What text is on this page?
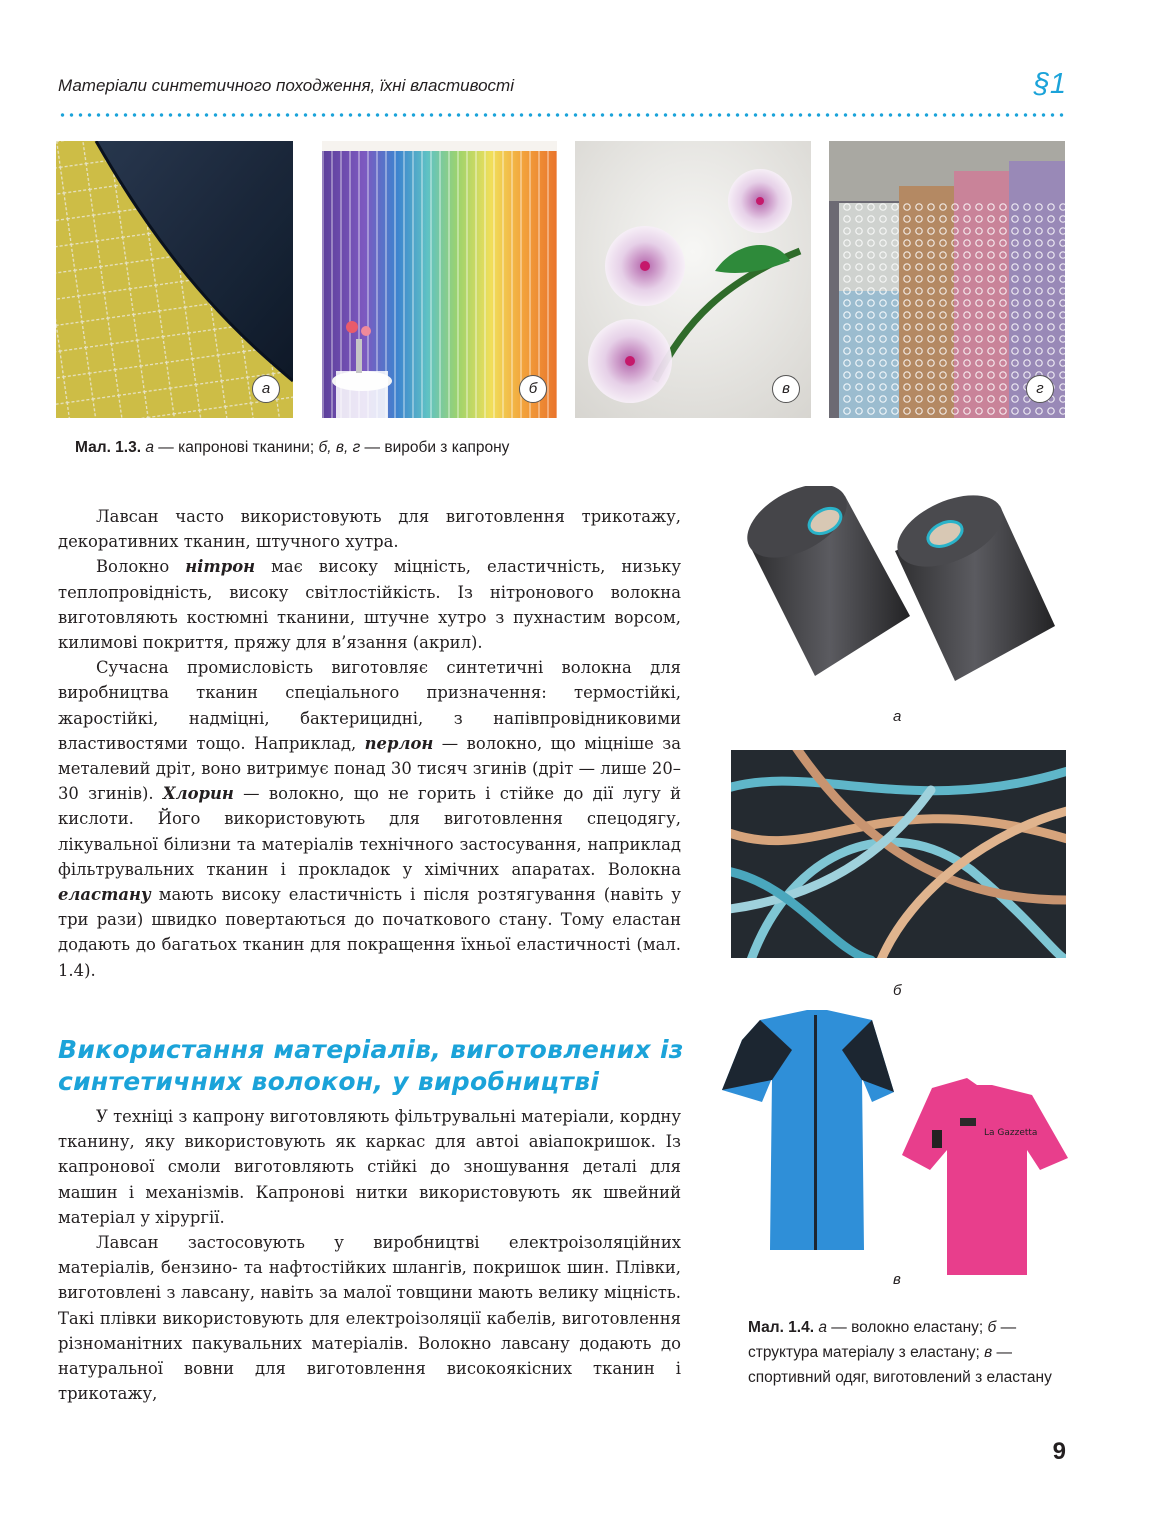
Матеріали синтетичного походження, їхні властивості	§1
а	б	в	г
Мал. 1.3. а — капронові тканини; б, в, г — вироби з капрону

Лавсан часто використовують для виготовлення трикотажу, декоративних тканин, штучного хутра.

Волокно нітрон має високу міцність, еластичність, низьку теплопровідність, високу світлостійкість. Із нітронового волокна виготовляють костюмні тканини, штучне хутро з пухнастим ворсом, килимові покриття, пряжу для в’язання (акрил).

Сучасна промисловість виготовляє синтетичні волокна для виробництва тканин спеціального призначення: термостійкі, жаростійкі, надміцні, бактерицидні, з напівпровідниковими властивостями тощо. Наприклад, перлон — волокно, що міцніше за металевий дріт, воно витримує понад 30 тисяч згинів (дріт — лише 20–30 згинів). Хлорин — волокно, що не горить і стійке до дії лугу й кислоти. Його використовують для виготовлення спецодягу, лікувальної білизни та матеріалів технічного застосування, наприклад фільтрувальних тканин і прокладок у хімічних апаратах. Волокна еластану мають високу еластичність і після розтягування (навіть у три рази) швидко повертаються до початкового стану. Тому еластан додають до багатьох тканин для покращення їхньої еластичності (мал. 1.4).

Використання матеріалів, виготовлених із синтетичних волокон, у виробництві

У техніці з капрону виготовляють фільтрувальні матеріали, кордну тканину, яку використовують як каркас для автоі авіапокришок. Із капронової смоли виготовляють стійкі до зношування деталі для машин і механізмів. Капронові нитки використовують як швейний матеріал у хірургії.

Лавсан застосовують у виробництві електроізоляційних матеріалів, бензино- та нафтостійких шлангів, покришок шин. Плівки, виготовлені з лавсану, навіть за малої товщини мають велику міцність. Такі плівки використовують для електроізоляції кабелів, виготовлення різноманітних пакувальних матеріалів. Волокно лавсану додають до натуральної вовни для виготовлення високоякісних тканин і трикотажу,

а
б
La Gazzetta
в
Мал. 1.4. а — волокно еластану; б — структура матеріалу з еластану; в — спортивний одяг, виготовлений з еластану
9
